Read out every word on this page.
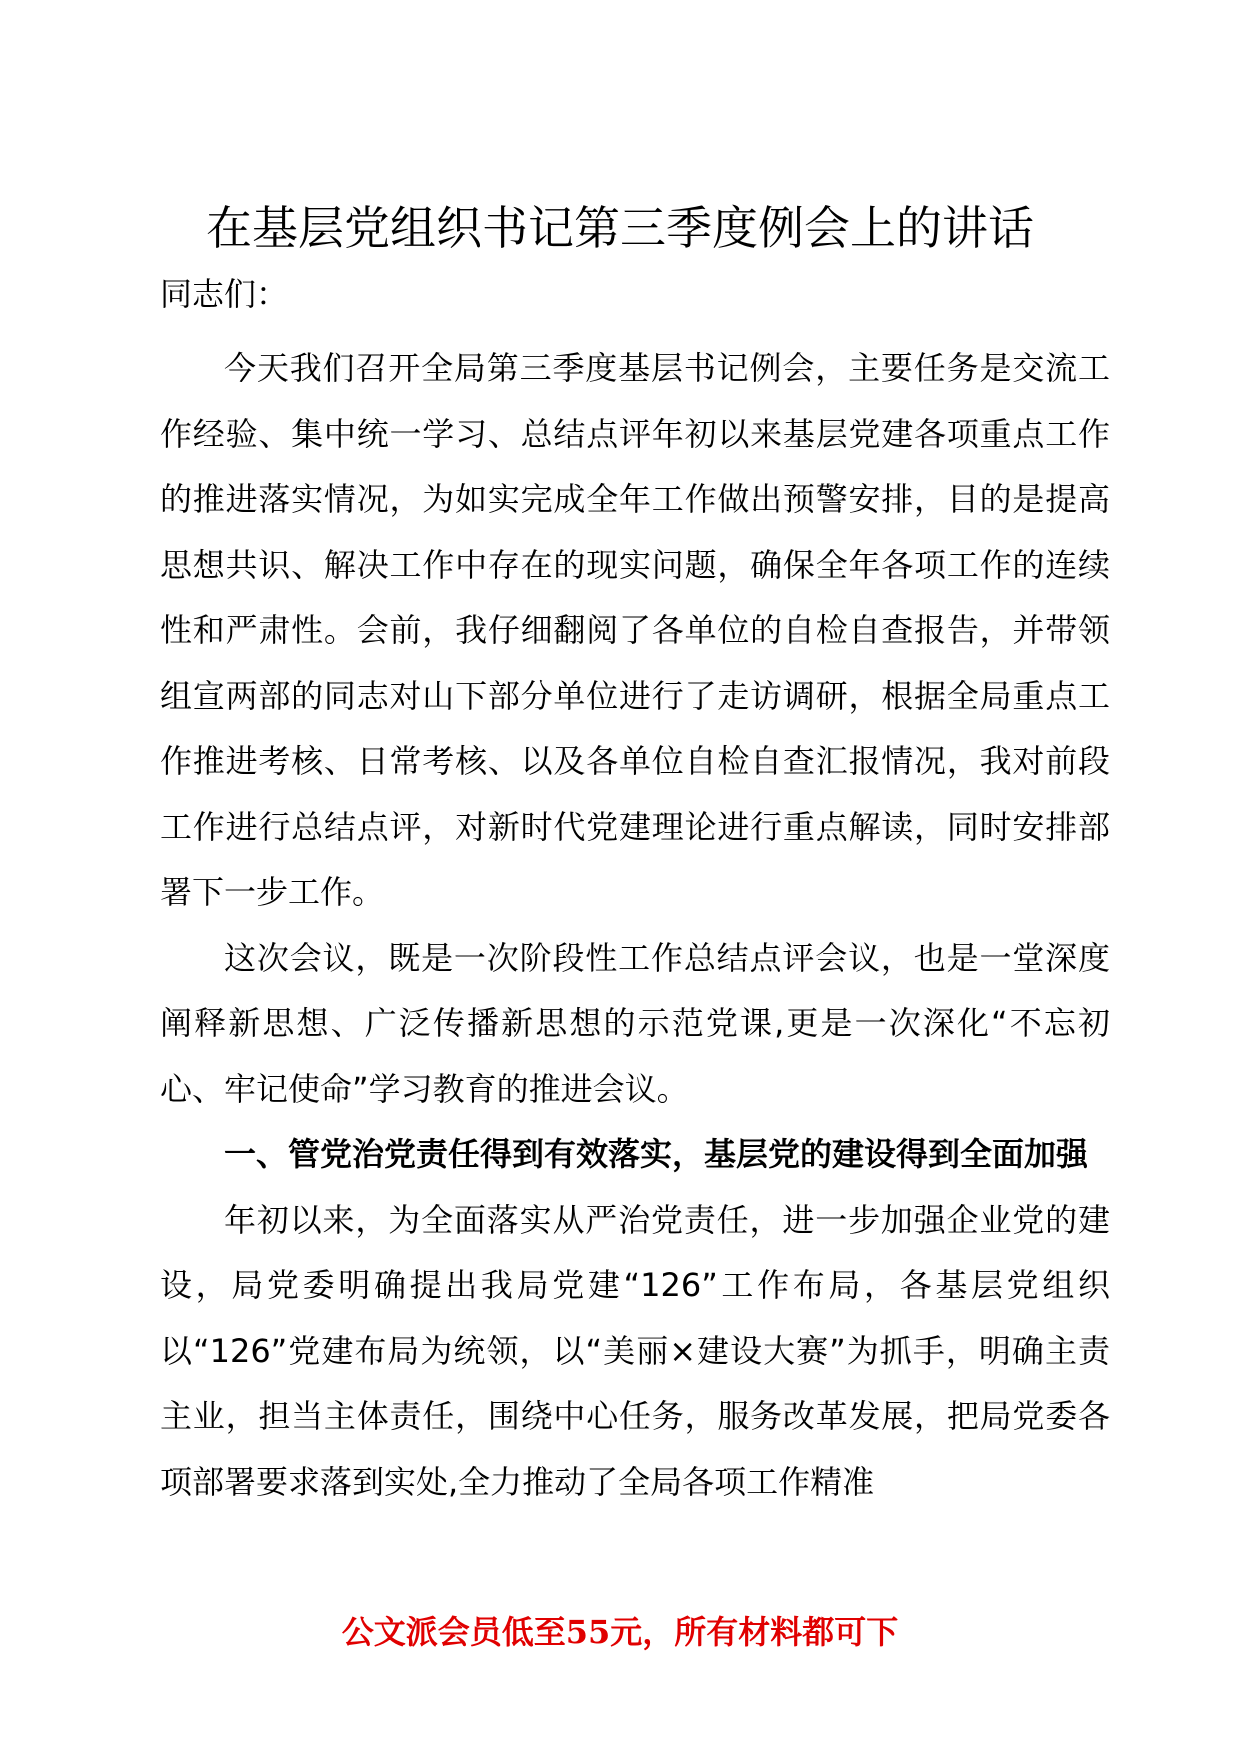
在基层党组织书记第三季度例会上的讲话

同志们：

今天我们召开全局第三季度基层书记例会，主要任务是交流工作经验、集中统一学习、总结点评年初以来基层党建各项重点工作的推进落实情况，为如实完成全年工作做出预警安排，目的是提高思想共识、解决工作中存在的现实问题，确保全年各项工作的连续性和严肃性。会前，我仔细翻阅了各单位的自检自查报告，并带领组宣两部的同志对山下部分单位进行了走访调研，根据全局重点工作推进考核、日常考核、以及各单位自检自查汇报情况，我对前段工作进行总结点评，对新时代党建理论进行重点解读，同时安排部署下一步工作。

这次会议，既是一次阶段性工作总结点评会议，也是一堂深度阐释新思想、广泛传播新思想的示范党课,更是一次深化“不忘初心、牢记使命”学习教育的推进会议。

一、管党治党责任得到有效落实，基层党的建设得到全面加强

年初以来，为全面落实从严治党责任，进一步加强企业党的建设，局党委明确提出我局党建“126”工作布局，各基层党组织以“126”党建布局为统领，以“美丽×建设大赛”为抓手，明确主责主业，担当主体责任，围绕中心任务，服务改革发展，把局党委各项部署要求落到实处,全力推动了全局各项工作精准

公文派会员低至55元，所有材料都可下
